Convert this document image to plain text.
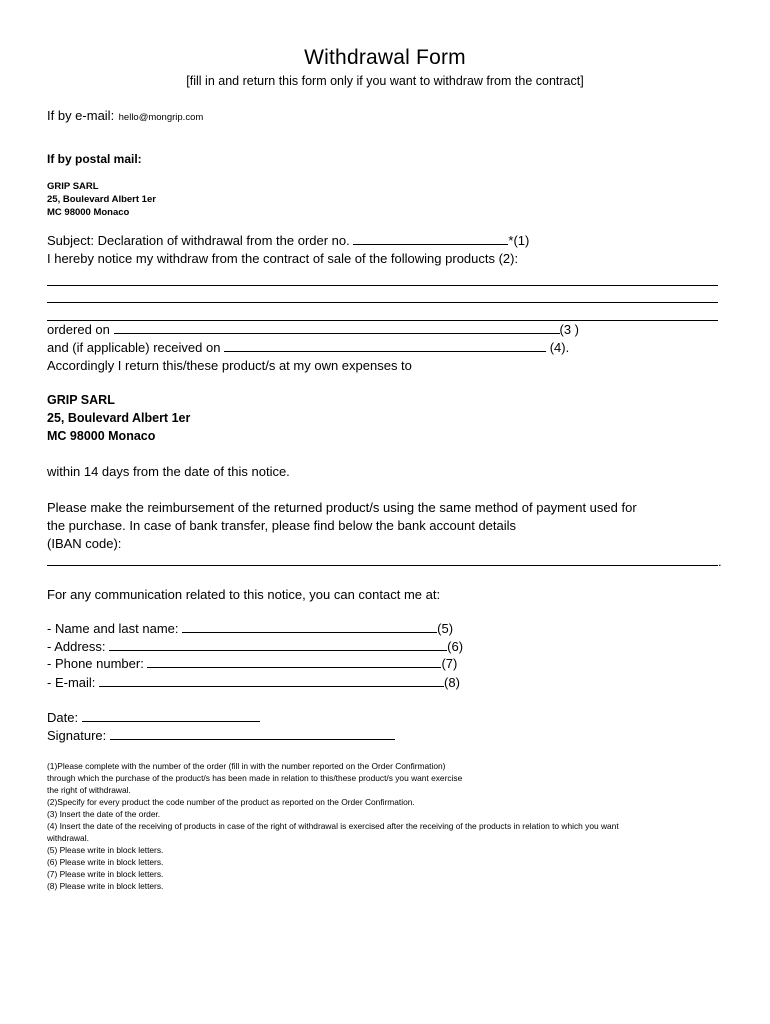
Withdrawal Form
[fill in and return this form only if you want to withdraw from the contract]
If by e-mail: hello@mongrip.com
If by postal mail:
GRIP SARL
25, Boulevard Albert 1er
MC 98000 Monaco
Subject: Declaration of withdrawal from the order no.	*(1)
I hereby notice my withdraw from the contract of sale of the following products (2):
ordered on	(3 )
and (if applicable) received on	(4).
Accordingly I return this/these product/s at my own expenses to
GRIP SARL
25, Boulevard Albert 1er
MC 98000 Monaco
within 14 days from the date of this notice.
Please make the reimbursement of the returned product/s using the same method of payment used for
the purchase. In case of bank transfer, please find below the bank account details
(IBAN code):
.
For any communication related to this notice, you can contact me at:
- Name and last name:	(5)
- Address:	(6)
- Phone number:	(7)
- E-mail:	(8)
Date:
Signature:
(1)Please complete with the number of the order (fill in with the number reported on the Order Confirmation)
through which the purchase of the product/s has been made in relation to this/these product/s you want exercise
the right of withdrawal.
(2)Specify for every product the code number of the product as reported on the Order Confirmation.
(3) Insert the date of the order.
(4) Insert the date of the receiving of products in case of the right of withdrawal is exercised after the receiving of the products in relation to which you want
withdrawal.
(5) Please write in block letters.
(6) Please write in block letters.
(7) Please write in block letters.
(8) Please write in block letters.
